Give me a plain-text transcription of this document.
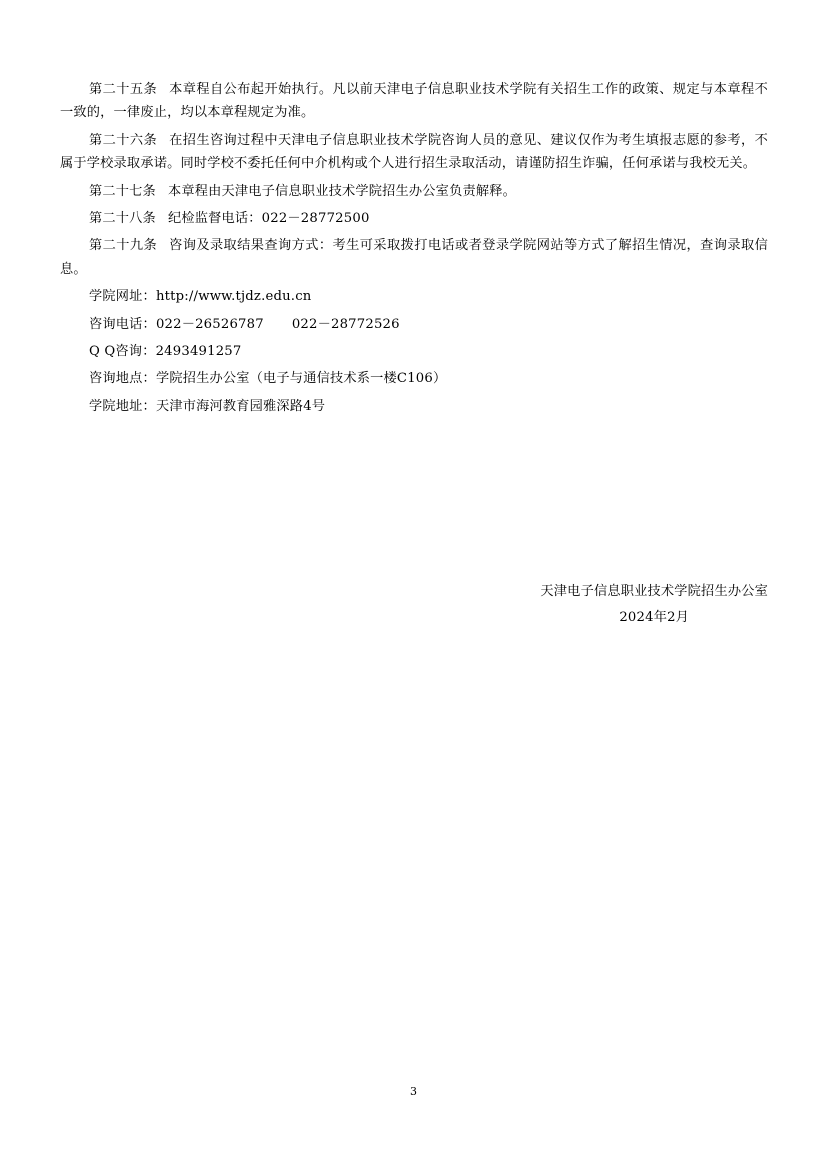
第二十五条 本章程自公布起开始执行。凡以前天津电子信息职业技术学院有关招生工作的政策、规定与本章程不一致的，一律废止，均以本章程规定为准。

第二十六条 在招生咨询过程中天津电子信息职业技术学院咨询人员的意见、建议仅作为考生填报志愿的参考，不属于学校录取承诺。同时学校不委托任何中介机构或个人进行招生录取活动，请谨防招生诈骗，任何承诺与我校无关。

第二十七条 本章程由天津电子信息职业技术学院招生办公室负责解释。

第二十八条 纪检监督电话：022－28772500

第二十九条 咨询及录取结果查询方式：考生可采取拨打电话或者登录学院网站等方式了解招生情况，查询录取信息。

学院网址：http://www.tjdz.edu.cn

咨询电话：022－26526787 022－28772526

Q Q咨询：2493491257

咨询地点：学院招生办公室（电子与通信技术系一楼C106）

学院地址：天津市海河教育园雅深路4号

天津电子信息职业技术学院招生办公室
2024年2月
3
